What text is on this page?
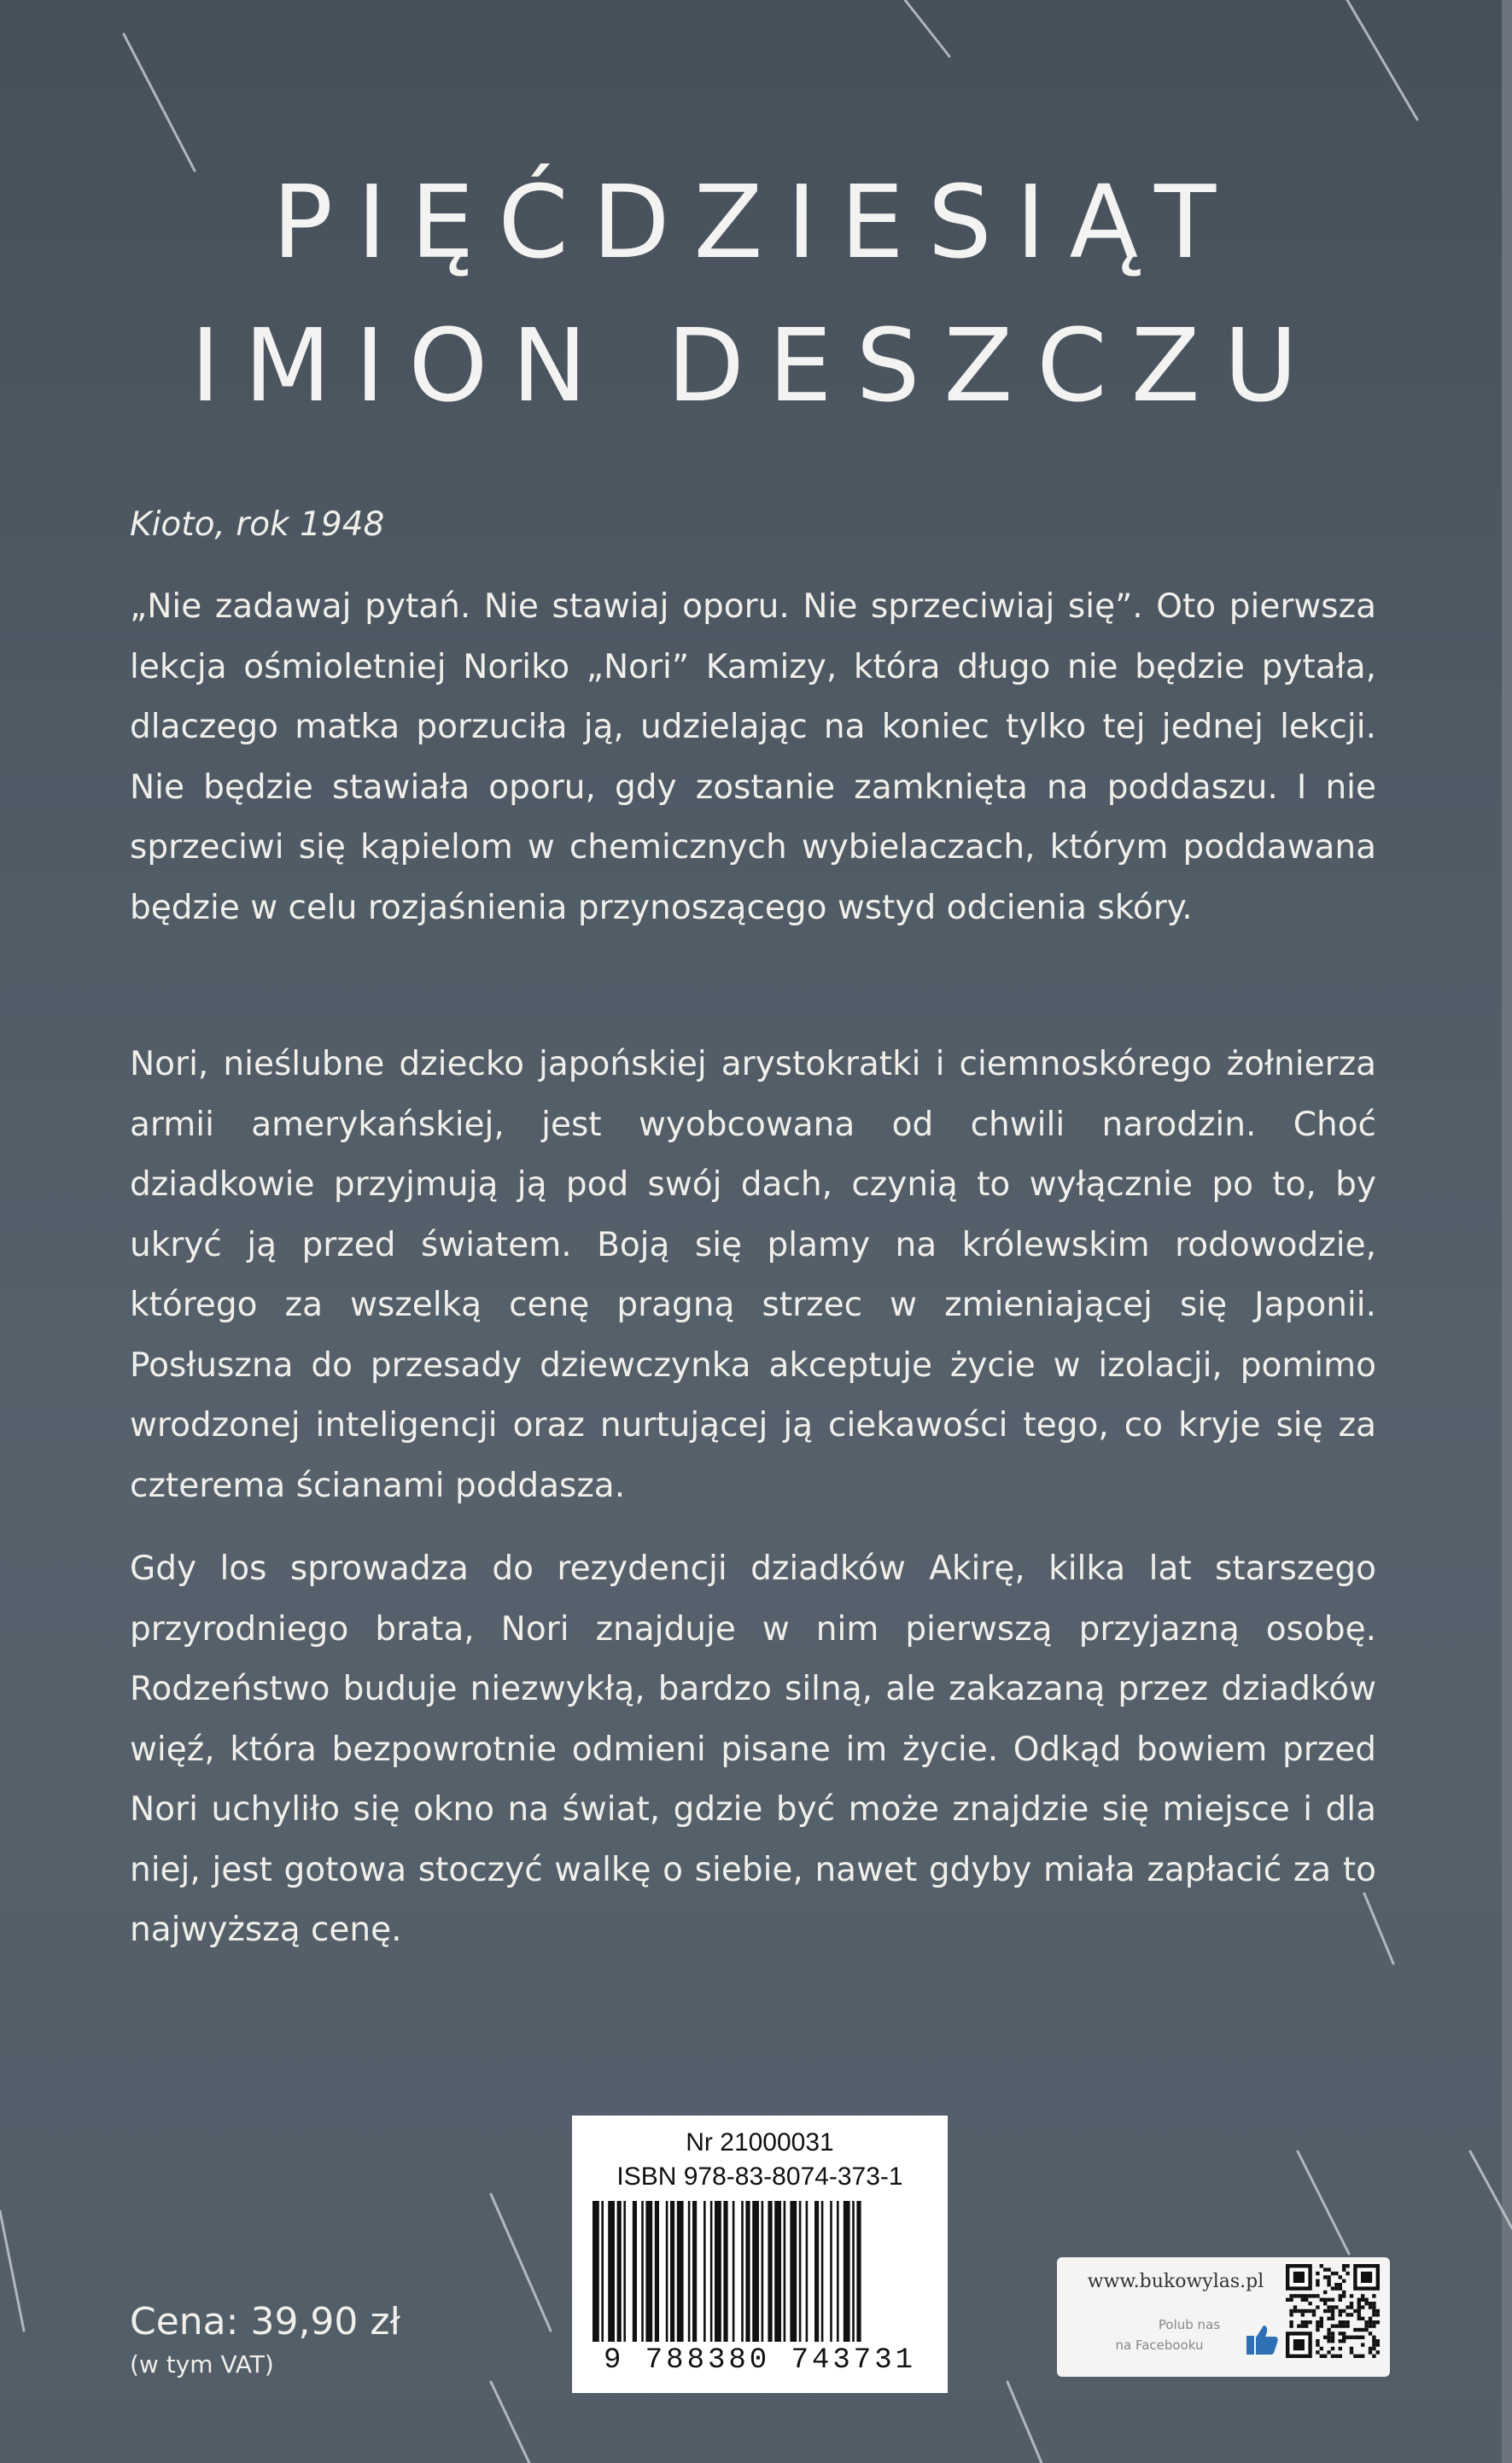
PIĘĆDZIESIĄT
IMION DESZCZU
Kioto, rok 1948

„Nie zadawaj pytań. Nie stawiaj oporu. Nie sprzeciwiaj się”. Oto pierwsza lekcja ośmioletniej Noriko „Nori” Kamizy, która długo nie będzie pytała, dlaczego matka porzuciła ją, udzielając na koniec tylko tej jednej lekcji. Nie będzie stawiała oporu, gdy zostanie zamknięta na poddaszu. I nie sprzeciwi się kąpielom w chemicznych wybielaczach, którym poddawana będzie w celu rozjaśnienia przynoszącego wstyd odcienia skóry.

Nori, nieślubne dziecko japońskiej arystokratki i ciemnoskórego żołnierza armii amerykańskiej, jest wyobcowana od chwili narodzin. Choć dziadkowie przyjmują ją pod swój dach, czynią to wyłącznie po to, by ukryć ją przed światem. Boją się plamy na królewskim rodowodzie, którego za wszelką cenę pragną strzec w zmieniającej się Japonii. Posłuszna do przesady dziewczynka akceptuje życie w izolacji, pomimo wrodzonej inteligencji oraz nurtującej ją ciekawości tego, co kryje się za czterema ścianami poddasza.

Gdy los sprowadza do rezydencji dziadków Akirę, kilka lat starszego przyrodniego brata, Nori znajduje w nim pierwszą przyjazną osobę. Rodzeństwo buduje niezwykłą, bardzo silną, ale zakazaną przez dziadków więź, która bezpowrotnie odmieni pisane im życie. Odkąd bowiem przed Nori uchyliło się okno na świat, gdzie być może znajdzie się miejsce i dla niej, jest gotowa stoczyć walkę o siebie, nawet gdyby miała zapłacić za to najwyższą cenę.

Cena: 39,90 zł
(w tym VAT)
Nr 21000031
ISBN 978-83-8074-373-1
9 788380 743731
www.bukowylas.pl
Polub nas
na Facebooku
